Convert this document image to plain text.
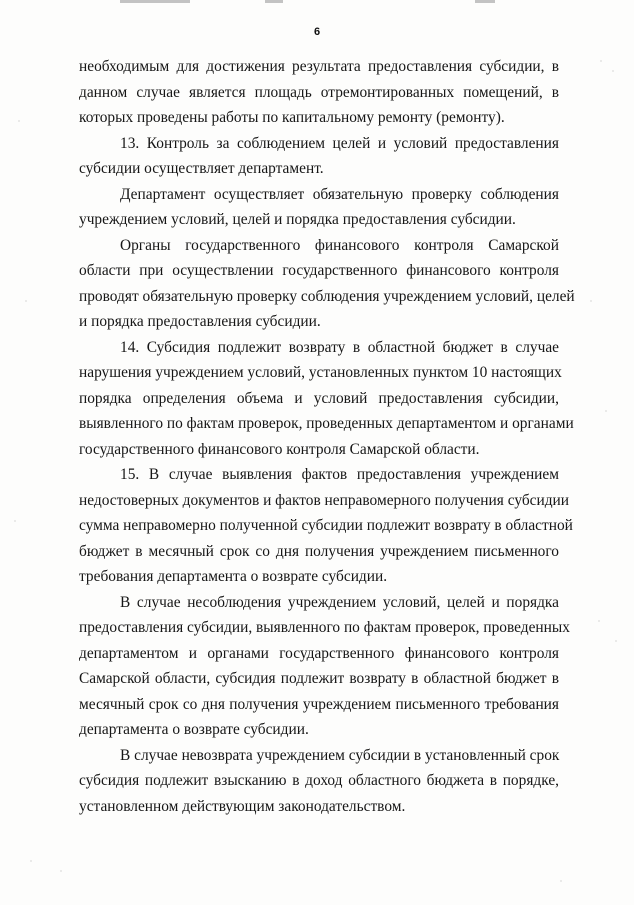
6
необходимым для достижения результата предоставления субсидии, в
данном случае является площадь отремонтированных помещений, в
которых проведены работы по капитальному ремонту (ремонту).
13. Контроль за соблюдением целей и условий предоставления
субсидии осуществляет департамент.
Департамент осуществляет обязательную проверку соблюдения
учреждением условий, целей и порядка предоставления субсидии.
Органы государственного финансового контроля Самарской
области при осуществлении государственного финансового контроля
проводят обязательную проверку соблюдения учреждением условий, целей
и порядка предоставления субсидии.
14. Субсидия подлежит возврату в областной бюджет в случае
нарушения учреждением условий, установленных пунктом 10 настоящих
порядка определения объема и условий предоставления субсидии,
выявленного по фактам проверок, проведенных департаментом и органами
государственного финансового контроля Самарской области.
15. В случае выявления фактов предоставления учреждением
недостоверных документов и фактов неправомерного получения субсидии
сумма неправомерно полученной субсидии подлежит возврату в областной
бюджет в месячный срок со дня получения учреждением письменного
требования департамента о возврате субсидии.
В случае несоблюдения учреждением условий, целей и порядка
предоставления субсидии, выявленного по фактам проверок, проведенных
департаментом и органами государственного финансового контроля
Самарской области, субсидия подлежит возврату в областной бюджет в
месячный срок со дня получения учреждением письменного требования
департамента о возврате субсидии.
В случае невозврата учреждением субсидии в установленный срок
субсидия подлежит взысканию в доход областного бюджета в порядке,
установленном действующим законодательством.
